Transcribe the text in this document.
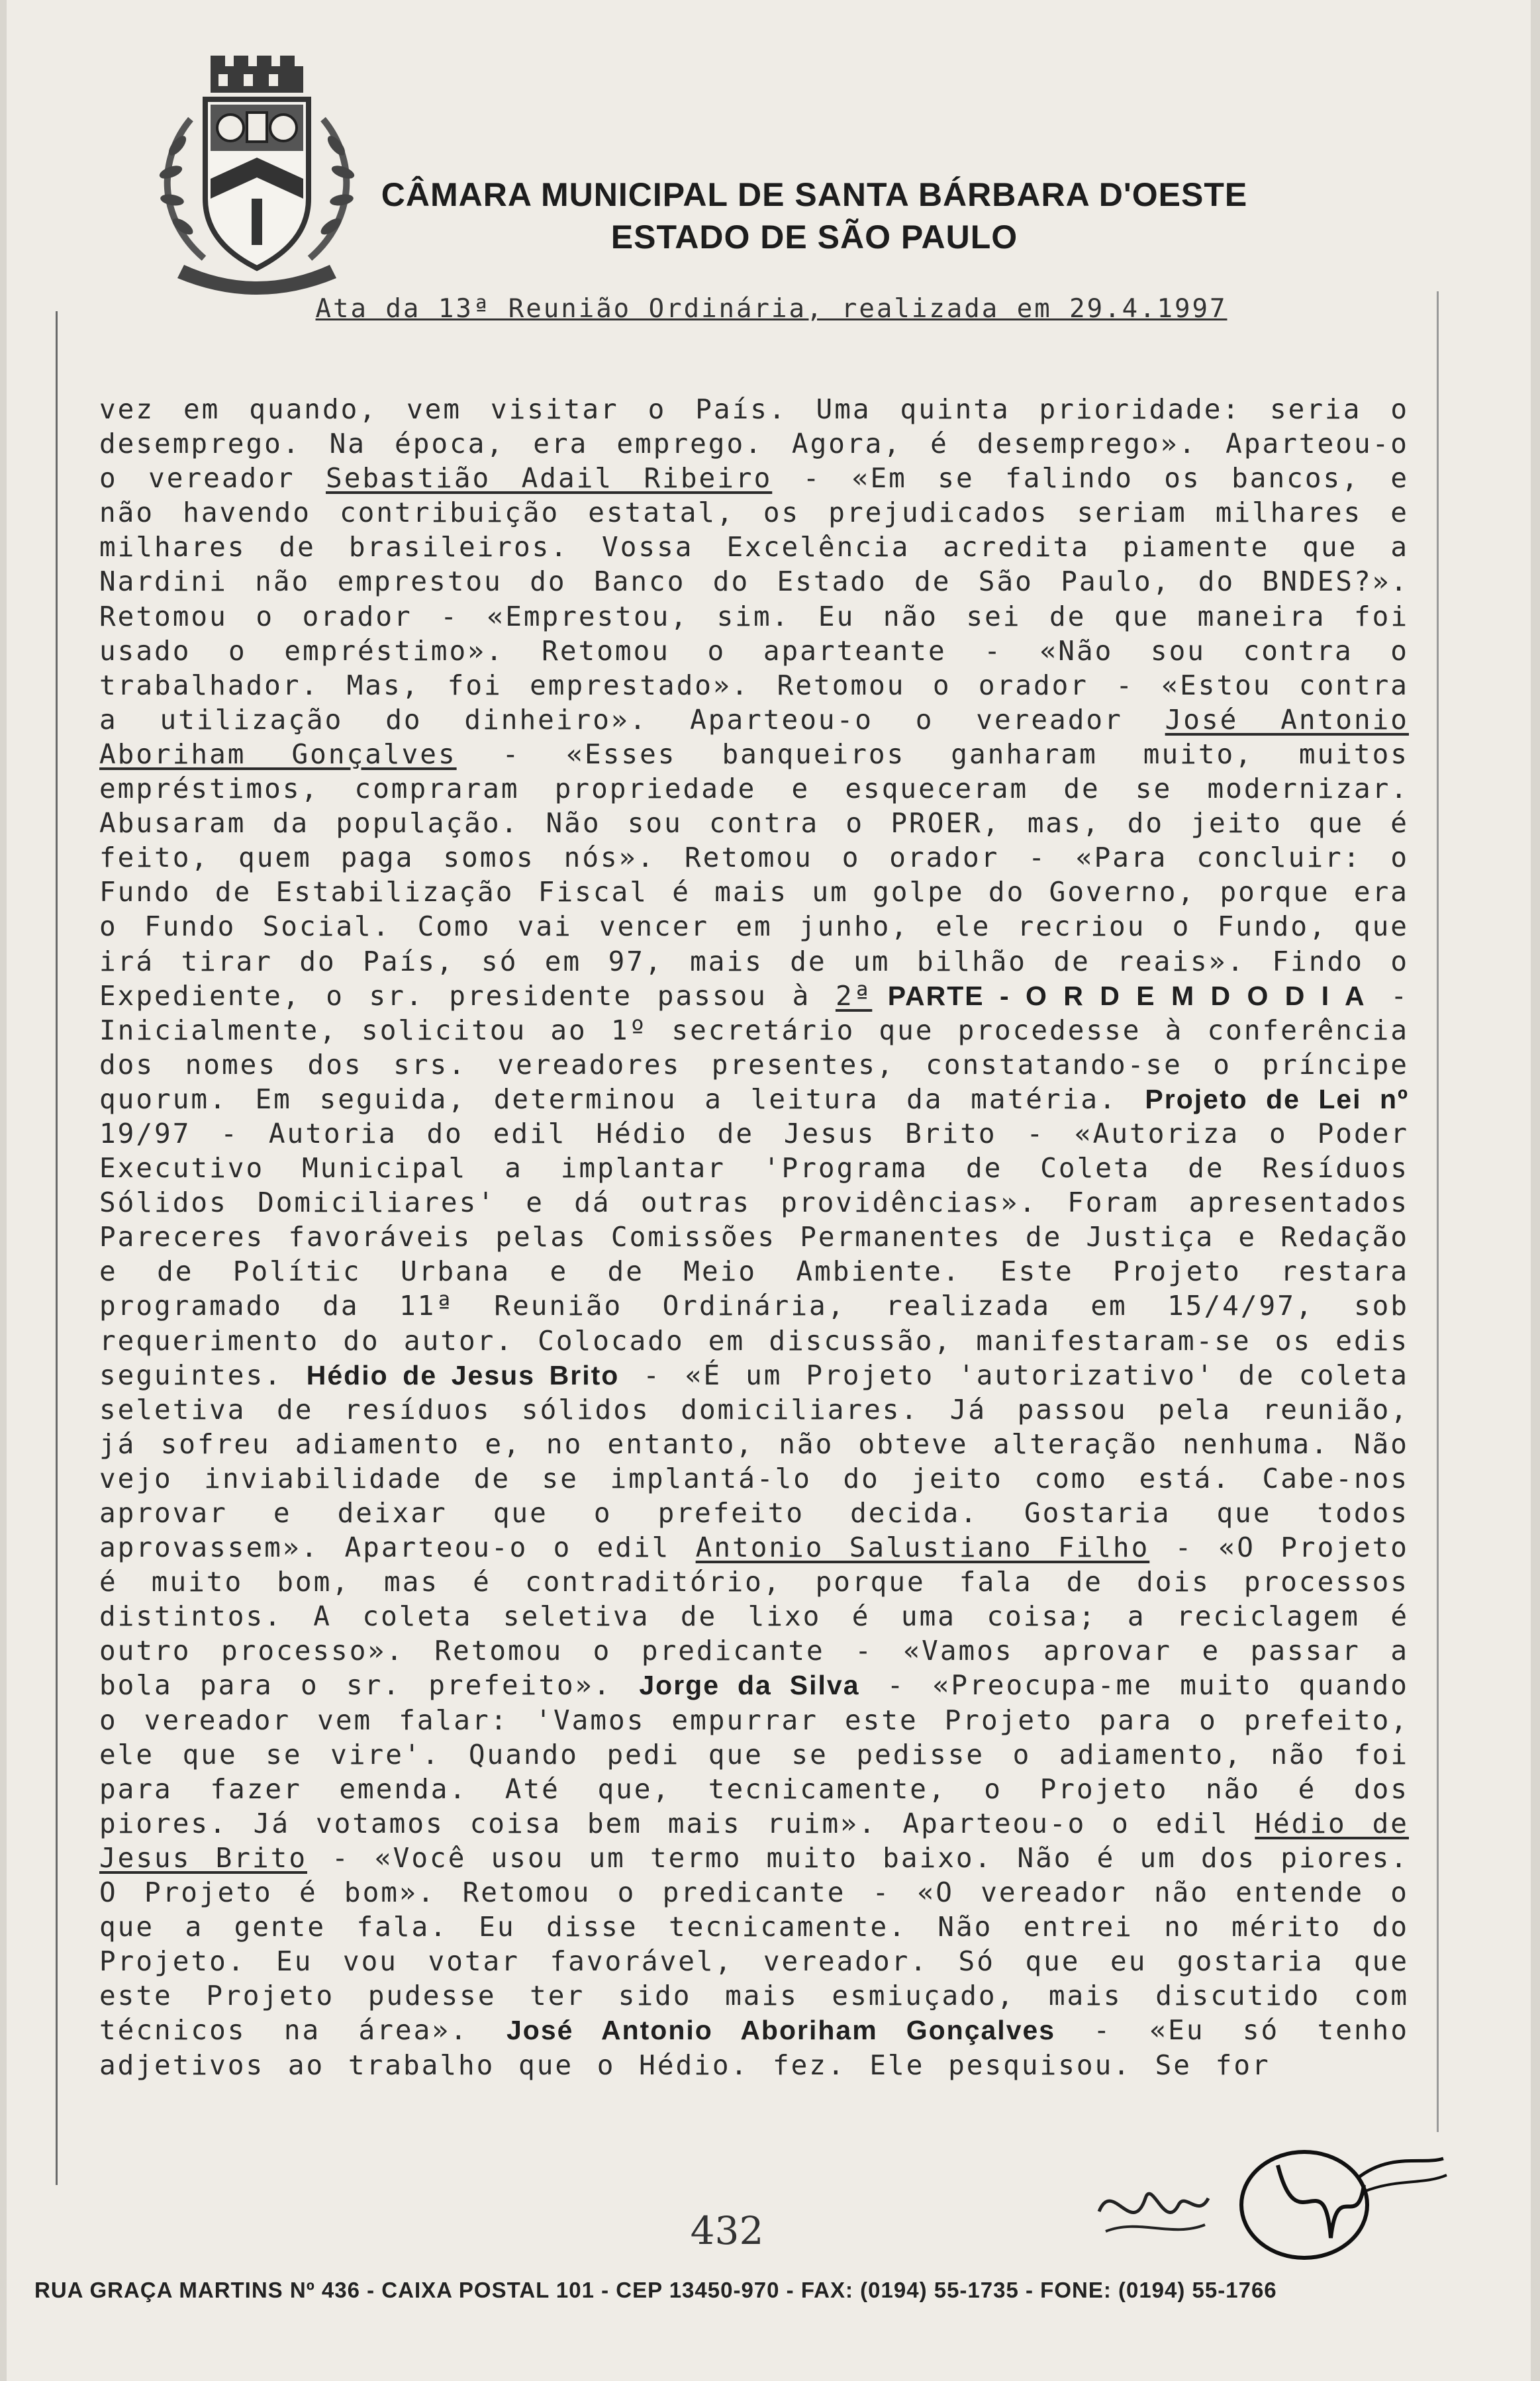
CÂMARA MUNICIPAL DE SANTA BÁRBARA D'OESTE
ESTADO DE SÃO PAULO
Ata da 13ª Reunião Ordinária, realizada em 29.4.1997

vez em quando, vem visitar o País. Uma quinta prioridade: seria o desemprego. Na época, era emprego. Agora, é desemprego». Aparteou-o o vereador Sebastião Adail Ribeiro - «Em se falindo os bancos, e não havendo contribuição estatal, os prejudicados seriam milhares e milhares de brasileiros. Vossa Excelência acredita piamente que a Nardini não emprestou do Banco do Estado de São Paulo, do BNDES?». Retomou o orador - «Emprestou, sim. Eu não sei de que maneira foi usado o empréstimo». Retomou o aparteante - «Não sou contra o trabalhador. Mas, foi emprestado». Retomou o orador - «Estou contra a utilização do dinheiro». Aparteou-o o vereador José Antonio Aboriham Gonçalves - «Esses banqueiros ganharam muito, muitos empréstimos, compraram propriedade e esqueceram de se modernizar. Abusaram da população. Não sou contra o PROER, mas, do jeito que é feito, quem paga somos nós». Retomou o orador - «Para concluir: o Fundo de Estabilização Fiscal é mais um golpe do Governo, porque era o Fundo Social. Como vai vencer em junho, ele recriou o Fundo, que irá tirar do País, só em 97, mais de um bilhão de reais». Findo o Expediente, o sr. presidente passou à 2ª PARTE - O R D E M D O D I A - Inicialmente, solicitou ao 1º secretário que procedesse à conferência dos nomes dos srs. vereadores presentes, constatando-se o príncipe quorum. Em seguida, determinou a leitura da matéria. Projeto de Lei nº 19/97 - Autoria do edil Hédio de Jesus Brito - «Autoriza o Poder Executivo Municipal a implantar 'Programa de Coleta de Resíduos Sólidos Domiciliares' e dá outras providências». Foram apresentados Pareceres favoráveis pelas Comissões Permanentes de Justiça e Redação e de Polític Urbana e de Meio Ambiente. Este Projeto restara programado da 11ª Reunião Ordinária, realizada em 15/4/97, sob requerimento do autor. Colocado em discussão, manifestaram-se os edis seguintes. Hédio de Jesus Brito - «É um Projeto 'autorizativo' de coleta seletiva de resíduos sólidos domiciliares. Já passou pela reunião, já sofreu adiamento e, no entanto, não obteve alteração nenhuma. Não vejo inviabilidade de se implantá-lo do jeito como está. Cabe-nos aprovar e deixar que o prefeito decida. Gostaria que todos aprovassem». Aparteou-o o edil Antonio Salustiano Filho - «O Projeto é muito bom, mas é contraditório, porque fala de dois processos distintos. A coleta seletiva de lixo é uma coisa; a reciclagem é outro processo». Retomou o predicante - «Vamos aprovar e passar a bola para o sr. prefeito». Jorge da Silva - «Preocupa-me muito quando o vereador vem falar: 'Vamos empurrar este Projeto para o prefeito, ele que se vire'. Quando pedi que se pedisse o adiamento, não foi para fazer emenda. Até que, tecnicamente, o Projeto não é dos piores. Já votamos coisa bem mais ruim». Aparteou-o o edil Hédio de Jesus Brito - «Você usou um termo muito baixo. Não é um dos piores. O Projeto é bom». Retomou o predicante - «O vereador não entende o que a gente fala. Eu disse tecnicamente. Não entrei no mérito do Projeto. Eu vou votar favorável, vereador. Só que eu gostaria que este Projeto pudesse ter sido mais esmiuçado, mais discutido com técnicos na área». José Antonio Aboriham Gonçalves - «Eu só tenho adjetivos ao trabalho que o Hédio. fez. Ele pesquisou. Se for

432
RUA GRAÇA MARTINS Nº 436 - CAIXA POSTAL 101 - CEP 13450-970 - FAX: (0194) 55-1735 - FONE: (0194) 55-1766
